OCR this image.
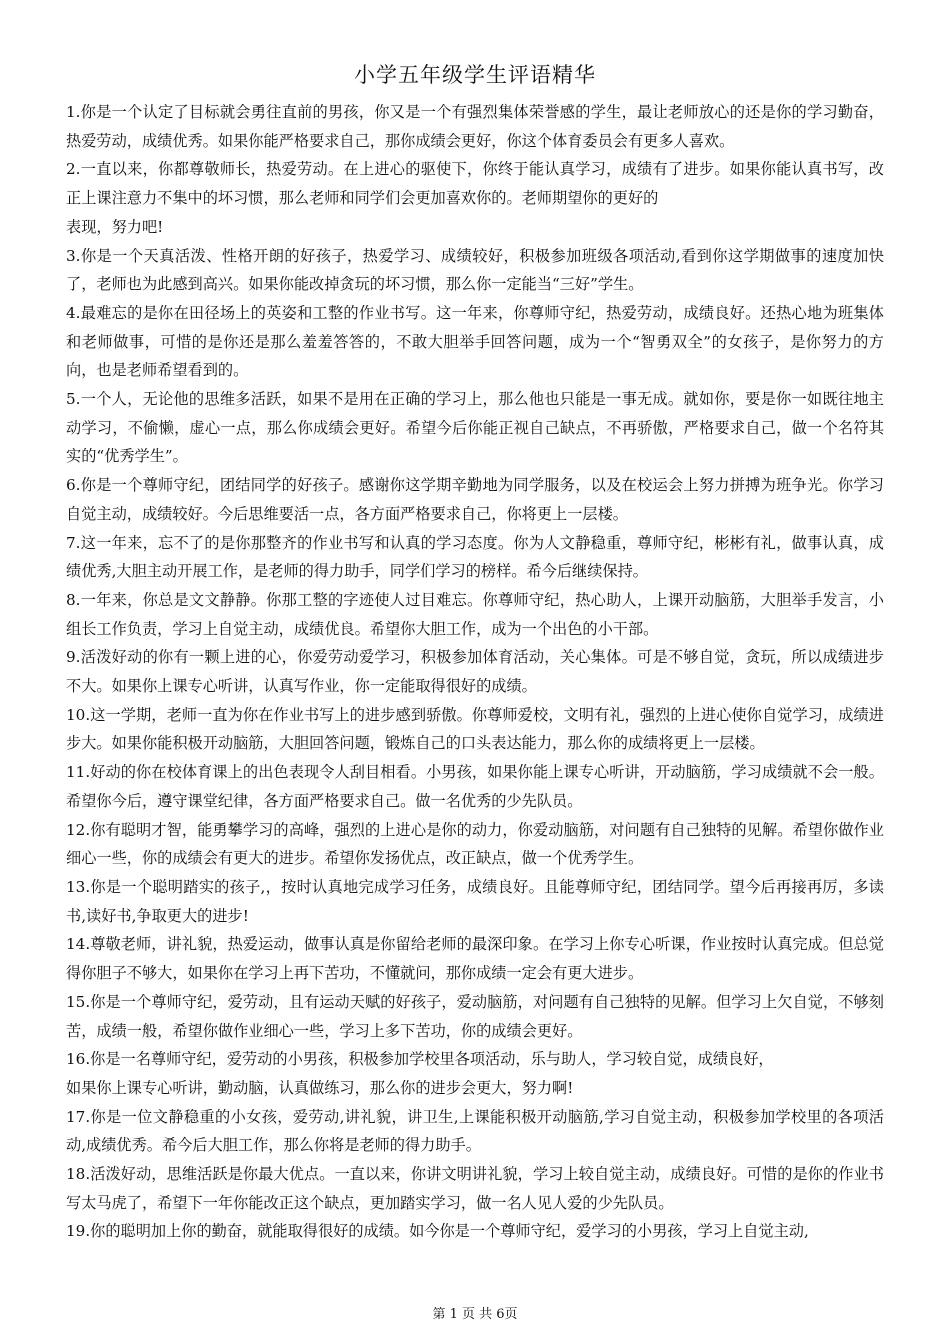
小学五年级学生评语精华

1.你是一个认定了目标就会勇往直前的男孩，你又是一个有强烈集体荣誉感的学生，最让老师放心的还是你的学习勤奋，热爱劳动，成绩优秀。如果你能严格要求自己，那你成绩会更好，你这个体育委员会有更多人喜欢。

2.一直以来，你都尊敬师长，热爱劳动。在上进心的驱使下，你终于能认真学习，成绩有了进步。如果你能认真书写，改正上课注意力不集中的坏习惯，那么老师和同学们会更加喜欢你的。老师期望你的更好的
表现，努力吧!

3.你是一个天真活泼、性格开朗的好孩子，热爱学习、成绩较好，积极参加班级各项活动,看到你这学期做事的速度加快了，老师也为此感到高兴。如果你能改掉贪玩的坏习惯，那么你一定能当“三好”学生。

4.最难忘的是你在田径场上的英姿和工整的作业书写。这一年来，你尊师守纪，热爱劳动，成绩良好。还热心地为班集体和老师做事，可惜的是你还是那么羞羞答答的，不敢大胆举手回答问题，成为一个“智勇双全”的女孩子，是你努力的方向，也是老师希望看到的。

5.一个人，无论他的思维多活跃，如果不是用在正确的学习上，那么他也只能是一事无成。就如你，要是你一如既往地主动学习，不偷懒，虚心一点，那么你成绩会更好。希望今后你能正视自己缺点，不再骄傲，严格要求自己，做一个名符其实的“优秀学生”。

6.你是一个尊师守纪，团结同学的好孩子。感谢你这学期辛勤地为同学服务，以及在校运会上努力拼搏为班争光。你学习自觉主动，成绩较好。今后思维要活一点，各方面严格要求自己，你将更上一层楼。

7.这一年来，忘不了的是你那整齐的作业书写和认真的学习态度。你为人文静稳重，尊师守纪，彬彬有礼，做事认真，成绩优秀,大胆主动开展工作，是老师的得力助手，同学们学习的榜样。希今后继续保持。

8.一年来，你总是文文静静。你那工整的字迹使人过目难忘。你尊师守纪，热心助人，上课开动脑筋，大胆举手发言，小组长工作负责，学习上自觉主动，成绩优良。希望你大胆工作，成为一个出色的小干部。

9.活泼好动的你有一颗上进的心，你爱劳动爱学习，积极参加体育活动，关心集体。可是不够自觉，贪玩，所以成绩进步不大。如果你上课专心听讲，认真写作业，你一定能取得很好的成绩。

10.这一学期，老师一直为你在作业书写上的进步感到骄傲。你尊师爱校，文明有礼，强烈的上进心使你自觉学习，成绩进步大。如果你能积极开动脑筋，大胆回答问题，锻炼自己的口头表达能力，那么你的成绩将更上一层楼。

11.好动的你在校体育课上的出色表现令人刮目相看。小男孩，如果你能上课专心听讲，开动脑筋，学习成绩就不会一般。希望你今后，遵守课堂纪律，各方面严格要求自己。做一名优秀的少先队员。

12.你有聪明才智，能勇攀学习的高峰，强烈的上进心是你的动力，你爱动脑筋，对问题有自己独特的见解。希望你做作业细心一些，你的成绩会有更大的进步。希望你发扬优点，改正缺点，做一个优秀学生。

13.你是一个聪明踏实的孩子,，按时认真地完成学习任务，成绩良好。且能尊师守纪，团结同学。望今后再接再厉，多读书,读好书,争取更大的进步!

14.尊敬老师，讲礼貌，热爱运动，做事认真是你留给老师的最深印象。在学习上你专心听课，作业按时认真完成。但总觉得你胆子不够大，如果你在学习上再下苦功，不懂就问，那你成绩一定会有更大进步。

15.你是一个尊师守纪，爱劳动，且有运动天赋的好孩子，爱动脑筋，对问题有自己独特的见解。但学习上欠自觉，不够刻苦，成绩一般，希望你做作业细心一些，学习上多下苦功，你的成绩会更好。

16.你是一名尊师守纪，爱劳动的小男孩，积极参加学校里各项活动，乐与助人，学习较自觉，成绩良好，
如果你上课专心听讲，勤动脑，认真做练习，那么你的进步会更大，努力啊!

17.你是一位文静稳重的小女孩，爱劳动,讲礼貌，讲卫生,上课能积极开动脑筋,学习自觉主动，积极参加学校里的各项活动,成绩优秀。希今后大胆工作，那么你将是老师的得力助手。

18.活泼好动，思维活跃是你最大优点。一直以来，你讲文明讲礼貌，学习上较自觉主动，成绩良好。可惜的是你的作业书写太马虎了，希望下一年你能改正这个缺点，更加踏实学习，做一名人见人爱的少先队员。

19.你的聪明加上你的勤奋，就能取得很好的成绩。如今你是一个尊师守纪，爱学习的小男孩，学习上自觉主动,

第 1 页 共 6页
